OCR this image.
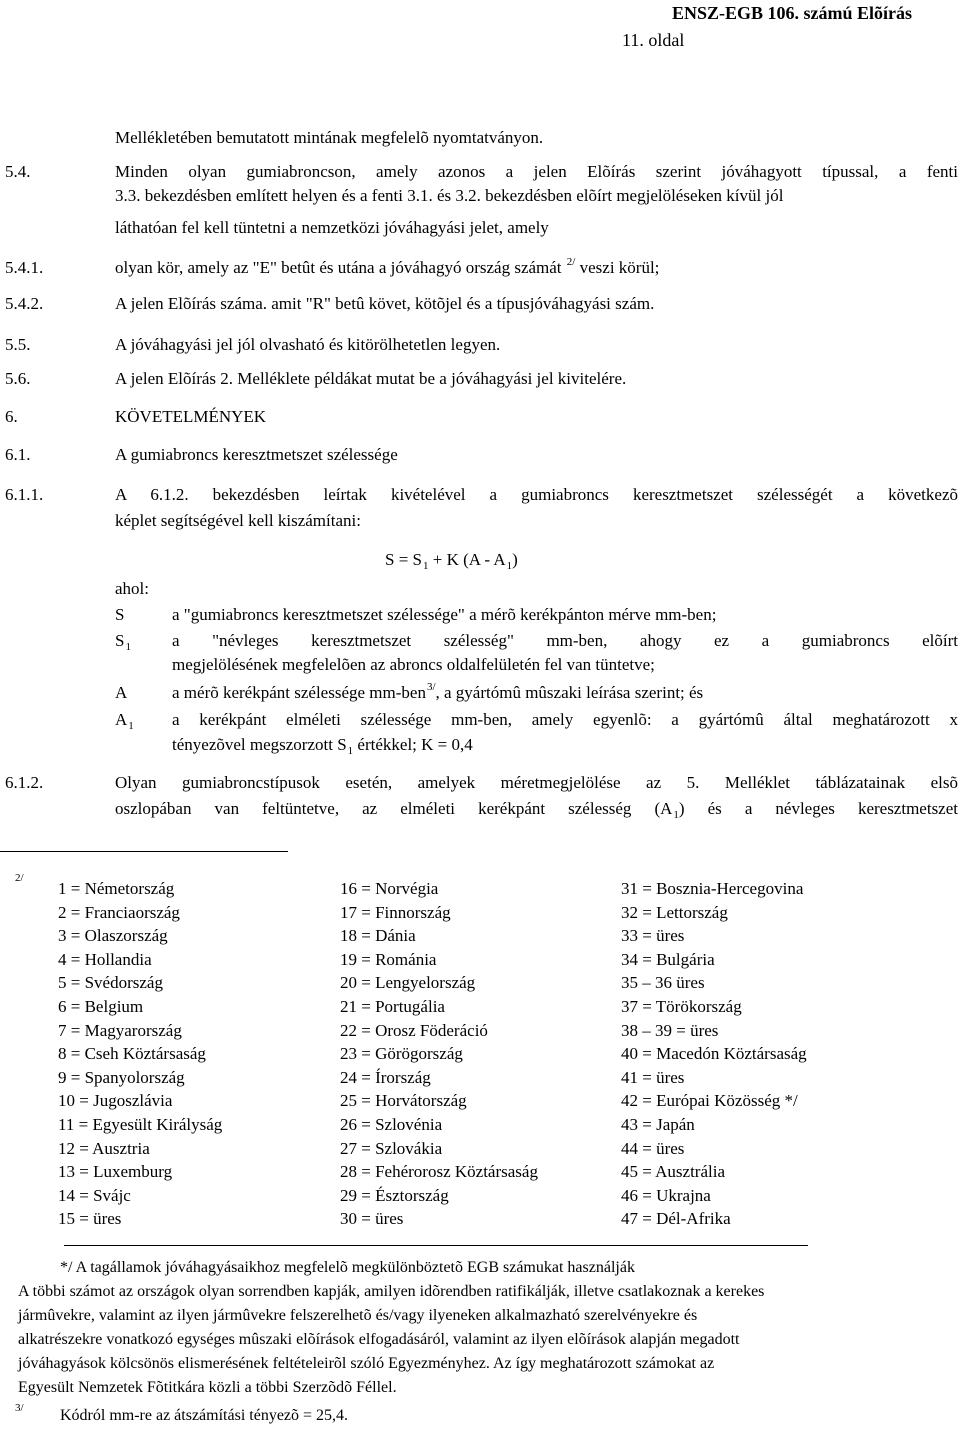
ENSZ-EGB 106. számú Elõírás
11. oldal
Mellékletében bemutatott mintának megfelelõ nyomtatványon.
5.4.	Minden olyan gumiabroncson, amely azonos a jelen Elõírás szerint jóváhagyott típussal, a fenti
3.3. bekezdésben említett helyen és a fenti 3.1. és 3.2. bekezdésben elõírt megjelöléseken kívül jól
láthatóan fel kell tüntetni a nemzetközi jóváhagyási jelet, amely
5.4.1.	olyan kör, amely az "E" betût és utána a jóváhagyó ország számát $^{2/}$ veszi körül;
5.4.2.	A jelen Elõírás száma. amit "R" betû követ, kötõjel és a típusjóváhagyási szám.
5.5.	A jóváhagyási jel jól olvasható és kitörölhetetlen legyen.
5.6.	A jelen Elõírás 2. Melléklete példákat mutat be a jóváhagyási jel kivitelére.
6.	KÖVETELMÉNYEK
6.1.	A gumiabroncs keresztmetszet szélessége
6.1.1.	A 6.1.2. bekezdésben leírtak kivételével a gumiabroncs keresztmetszet szélességét a következõ
képlet segítségével kell kiszámítani:
$S = S_1 + K$ $(A - A_1)$
ahol:
S	a "gumiabroncs keresztmetszet szélessége" a mérõ kerékpánton mérve mm-ben;
$S_1$ a "névleges keresztmetszet szélesség" mm-ben, ahogy ez a gumiabroncs elõírt
megjelölésének megfelelõen az abroncs oldalfelületén fel van tüntetve;
A	a mérõ kerékpánt szélessége mm-ben$^{3/}$, a gyártómû mûszaki leírása szerint; és
$A_1$ a kerékpánt elméleti szélessége mm-ben, amely egyenlõ: a gyártómû által meghatározott x
tényezõvel megszorzott $S_1$ értékkel; K = 0,4
6.1.2.	Olyan gumiabroncstípusok esetén, amelyek méretmegjelölése az 5. Melléklet táblázatainak elsõ
oszlopában van feltüntetve, az elméleti kerékpánt szélesség $(A_1)$ és a névleges keresztmetszet
2/
1 = Németország
2 = Franciaország
3 = Olaszország
4 = Hollandia
5 = Svédország
6 = Belgium
7 = Magyarország
8 = Cseh Köztársaság
9 = Spanyolország
10 = Jugoszlávia
11 = Egyesült Királyság
12 = Ausztria
13 = Luxemburg
14 = Svájc
15 = üres
16 = Norvégia
17 = Finnország
18 = Dánia
19 = Románia
20 = Lengyelország
21 = Portugália
22 = Orosz Föderáció
23 = Görögország
24 = Írország
25 = Horvátország
26 = Szlovénia
27 = Szlovákia
28 = Fehérorosz Köztársaság
29 = Észtország
30 = üres
31 = Bosznia-Hercegovina
32 = Lettország
33 = üres
34 = Bulgária
35 – 36 üres
37 = Törökország
38 – 39 = üres
40 = Macedón Köztársaság
41 = üres
42 = Európai Közösség */
43 = Japán
44 = üres
45 = Ausztrália
46 = Ukrajna
47 = Dél-Afrika
*/ A tagállamok jóváhagyásaikhoz megfelelõ megkülönböztetõ EGB számukat használják
A többi számot az országok olyan sorrendben kapják, amilyen idõrendben ratifikálják, illetve csatlakoznak a kerekes
jármûvekre, valamint az ilyen jármûvekre felszerelhetõ és/vagy ilyeneken alkalmazható szerelvényekre és
alkatrészekre vonatkozó egységes mûszaki elõírások elfogadásáról, valamint az ilyen elõírások alapján megadott
jóváhagyások kölcsönös elismerésének feltételeirõl szóló Egyezményhez. Az így meghatározott számokat az
Egyesült Nemzetek Fõtitkára közli a többi Szerzõdõ Féllel.
3/ Kódról mm-re az átszámítási tényezõ = 25,4.
